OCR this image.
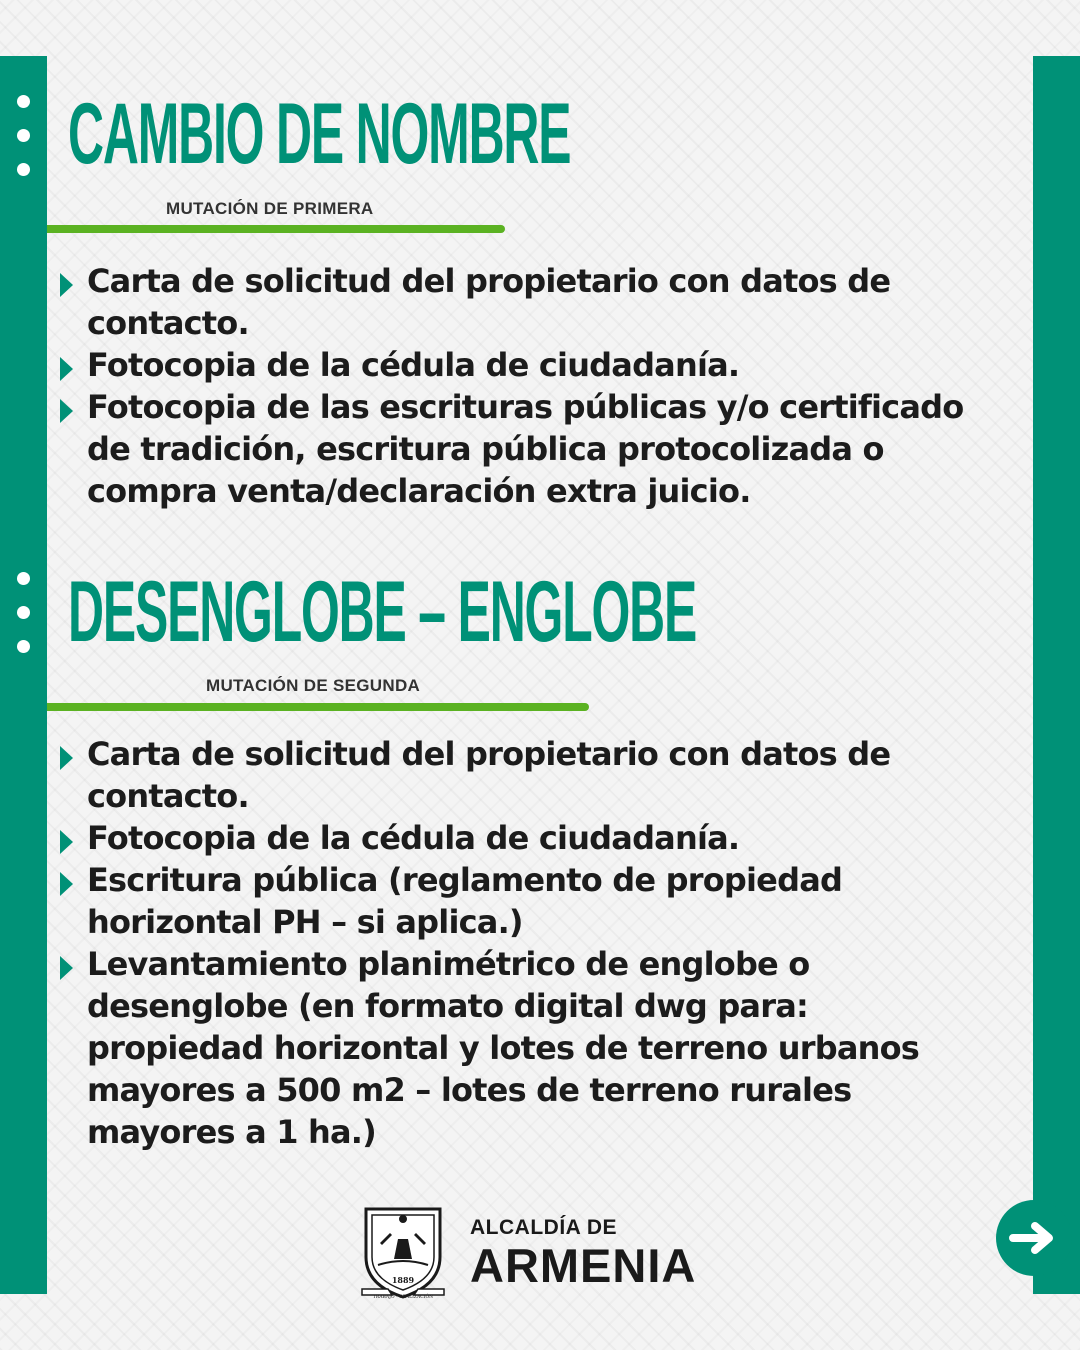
CAMBIO DE NOMBRE

MUTACIÓN DE PRIMERA

Carta de solicitud del propietario con datos de contacto.
Fotocopia de la cédula de ciudadanía.
Fotocopia de las escrituras públicas y/o certificado de tradición, escritura pública protocolizada o compra venta/declaración extra juicio.
DESENGLOBE – ENGLOBE

MUTACIÓN DE SEGUNDA

Carta de solicitud del propietario con datos de contacto.
Fotocopia de la cédula de ciudadanía.
Escritura pública (reglamento de propiedad horizontal PH – si aplica.)
Levantamiento planimétrico de englobe o desenglobe (en formato digital dwg para: propiedad horizontal y lotes de terreno urbanos mayores a 500 m2 – lotes de terreno rurales mayores a 1 ha.)
1889
TRABAJO · CIVILIZACIÓN
ALCALDÍA DE
ARMENIA
